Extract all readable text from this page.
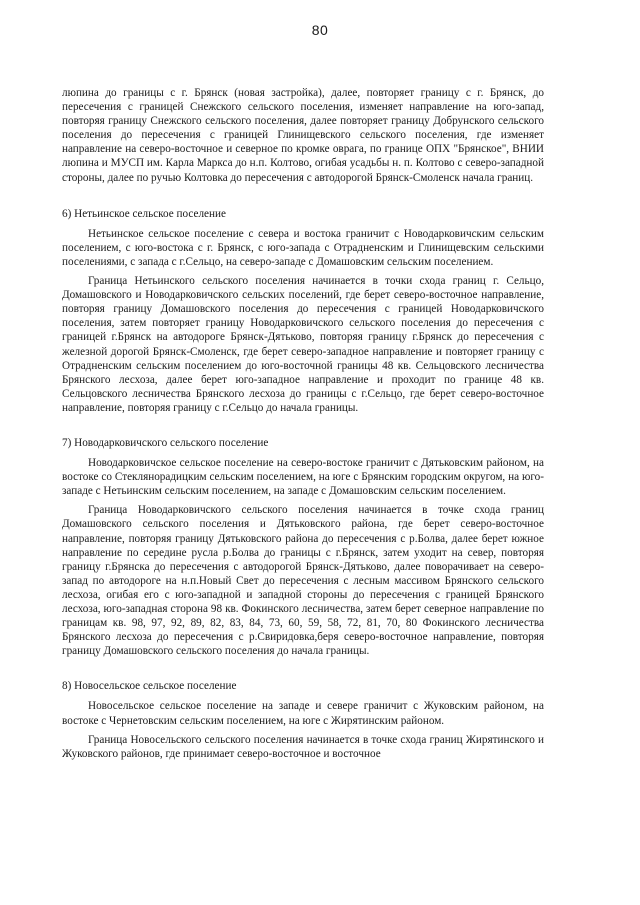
80

люпина до границы с г. Брянск (новая застройка), далее, повторяет границу с г. Брянск, до пересечения с границей Снежского сельского поселения, изменяет направление на юго-запад, повторяя границу Снежского сельского поселения, далее повторяет границу Добрунского сельского поселения до пересечения с границей Глинищевского сельского поселения, где изменяет направление на северо-восточное и северное по кромке оврага, по границе ОПХ "Брянское", ВНИИ люпина и МУСП им. Карла Маркса до н.п. Колтово, огибая усадьбы н. п. Колтово с северо-западной стороны, далее по ручью Колтовка до пересечения с автодорогой Брянск-Смоленск начала границ.

6) Нетьинское сельское поселение

Нетьинское сельское поселение с севера и востока граничит с Новодарковичским сельским поселением, с юго-востока с г. Брянск, с юго-запада с Отрадненским и Глинищевским сельскими поселениями, с запада с г.Сельцо, на северо-западе с Домашовским сельским поселением.

Граница Нетьинского сельского поселения начинается в точки схода границ г. Сельцо, Домашовского и Новодарковичского сельских поселений, где берет северо-восточное направление, повторяя границу Домашовского поселения до пересечения с границей Новодарковичского поселения, затем повторяет границу Новодарковичского сельского поселения до пересечения с границей г.Брянск на автодороге Брянск-Дятьково, повторяя границу г.Брянск до пересечения с железной дорогой Брянск-Смоленск, где берет северо-западное направление и повторяет границу с Отрадненским сельским поселением до юго-восточной границы 48 кв. Сельцовского лесничества Брянского лесхоза, далее берет юго-западное направление и проходит по границе 48 кв. Сельцовского лесничества Брянского лесхоза до границы с г.Сельцо, где берет северо-восточное направление, повторяя границу с г.Сельцо до начала границы.

7) Новодарковичского сельского поселение

Новодарковичское сельское поселение на северо-востоке граничит с Дятьковским районом, на востоке со Стеклянорадицким сельским поселением, на юге с Брянским городским округом, на юго-западе с Нетьинским сельским поселением, на западе с Домашовским сельским поселением.

Граница Новодарковичского сельского поселения начинается в точке схода границ Домашовского сельского поселения и Дятьковского района, где берет северо-восточное направление, повторяя границу Дятьковского района до пересечения с р.Болва, далее берет южное направление по середине русла р.Болва до границы с г.Брянск, затем уходит на север, повторяя границу г.Брянска до пересечения с автодорогой Брянск-Дятьково, далее поворачивает на северо-запад по автодороге на н.п.Новый Свет до пересечения с лесным массивом Брянского сельского лесхоза, огибая его с юго-западной и западной стороны до пересечения с границей Брянского лесхоза, юго-западная сторона 98 кв. Фокинского лесничества, затем берет северное направление по границам кв. 98, 97, 92, 89, 82, 83, 84, 73, 60, 59, 58, 72, 81, 70, 80 Фокинского лесничества Брянского лесхоза до пересечения с р.Свиридовка,беря северо-восточное направление, повторяя границу Домашовского сельского поселения до начала границы.

8) Новосельское сельское поселение

Новосельское сельское поселение на западе и севере граничит с Жуковским районом, на востоке с Чернетовским сельским поселением, на юге с Жирятинским районом.

Граница Новосельского сельского поселения начинается в точке схода границ Жирятинского и Жуковского районов, где принимает северо-восточное и восточное
